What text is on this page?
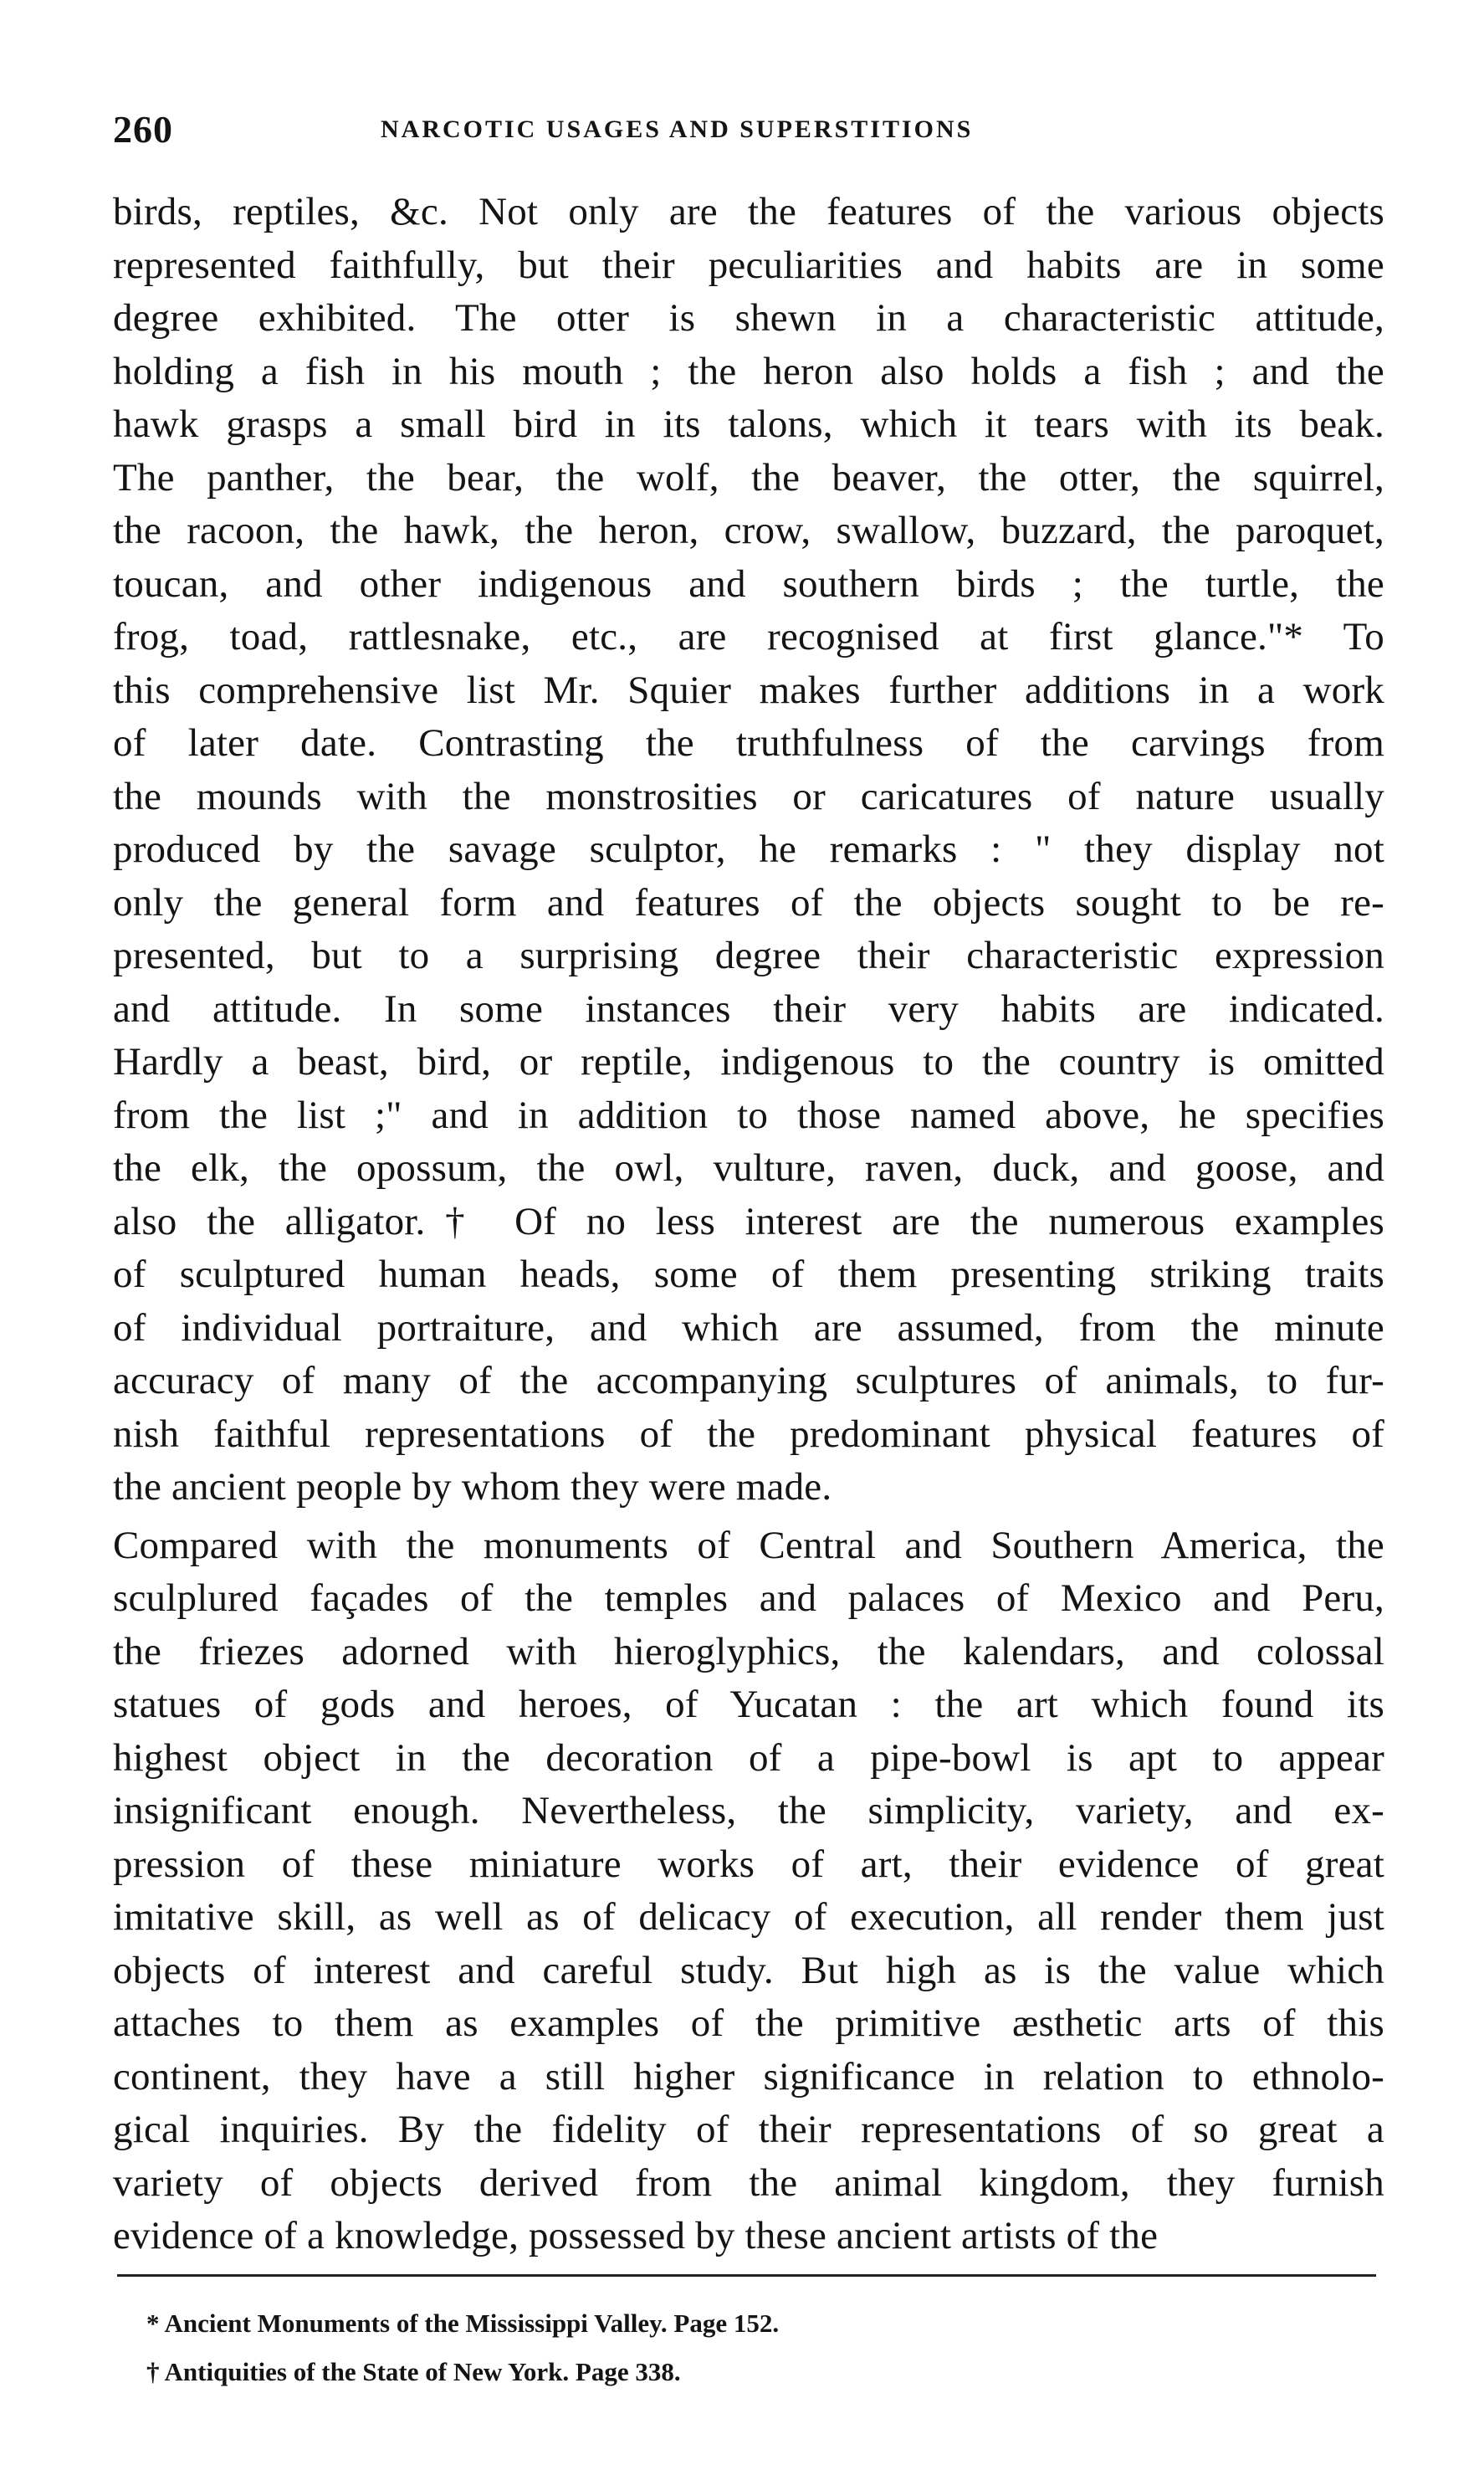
260	NARCOTIC USAGES AND SUPERSTITIONS
birds, reptiles, &c. Not only are the features of the various objects
represented faithfully, but their peculiarities and habits are in some
degree exhibited. The otter is shewn in a characteristic attitude,
holding a fish in his mouth ; the heron also holds a fish ; and the
hawk grasps a small bird in its talons, which it tears with its beak.
The panther, the bear, the wolf, the beaver, the otter, the squirrel,
the racoon, the hawk, the heron, crow, swallow, buzzard, the paroquet,
toucan, and other indigenous and southern birds ; the turtle, the
frog, toad, rattlesnake, etc., are recognised at first glance."* To
this comprehensive list Mr. Squier makes further additions in a work
of later date. Contrasting the truthfulness of the carvings from
the mounds with the monstrosities or caricatures of nature usually
produced by the savage sculptor, he remarks : " they display not
only the general form and features of the objects sought to be re-
presented, but to a surprising degree their characteristic expression
and attitude. In some instances their very habits are indicated.
Hardly a beast, bird, or reptile, indigenous to the country is omitted
from the list ;" and in addition to those named above, he specifies
the elk, the opossum, the owl, vulture, raven, duck, and goose, and
also the alligator.† Of no less interest are the numerous examples
of sculptured human heads, some of them presenting striking traits
of individual portraiture, and which are assumed, from the minute
accuracy of many of the accompanying sculptures of animals, to fur-
nish faithful representations of the predominant physical features of
the ancient people by whom they were made.
Compared with the monuments of Central and Southern America, the
sculplured façades of the temples and palaces of Mexico and Peru,
the friezes adorned with hieroglyphics, the kalendars, and colossal
statues of gods and heroes, of Yucatan : the art which found its
highest object in the decoration of a pipe-bowl is apt to appear
insignificant enough. Nevertheless, the simplicity, variety, and ex-
pression of these miniature works of art, their evidence of great
imitative skill, as well as of delicacy of execution, all render them just
objects of interest and careful study. But high as is the value which
attaches to them as examples of the primitive æsthetic arts of this
continent, they have a still higher significance in relation to ethnolo-
gical inquiries. By the fidelity of their representations of so great a
variety of objects derived from the animal kingdom, they furnish
evidence of a knowledge, possessed by these ancient artists of the
* Ancient Monuments of the Mississippi Valley. Page 152.
† Antiquities of the State of New York. Page 338.
